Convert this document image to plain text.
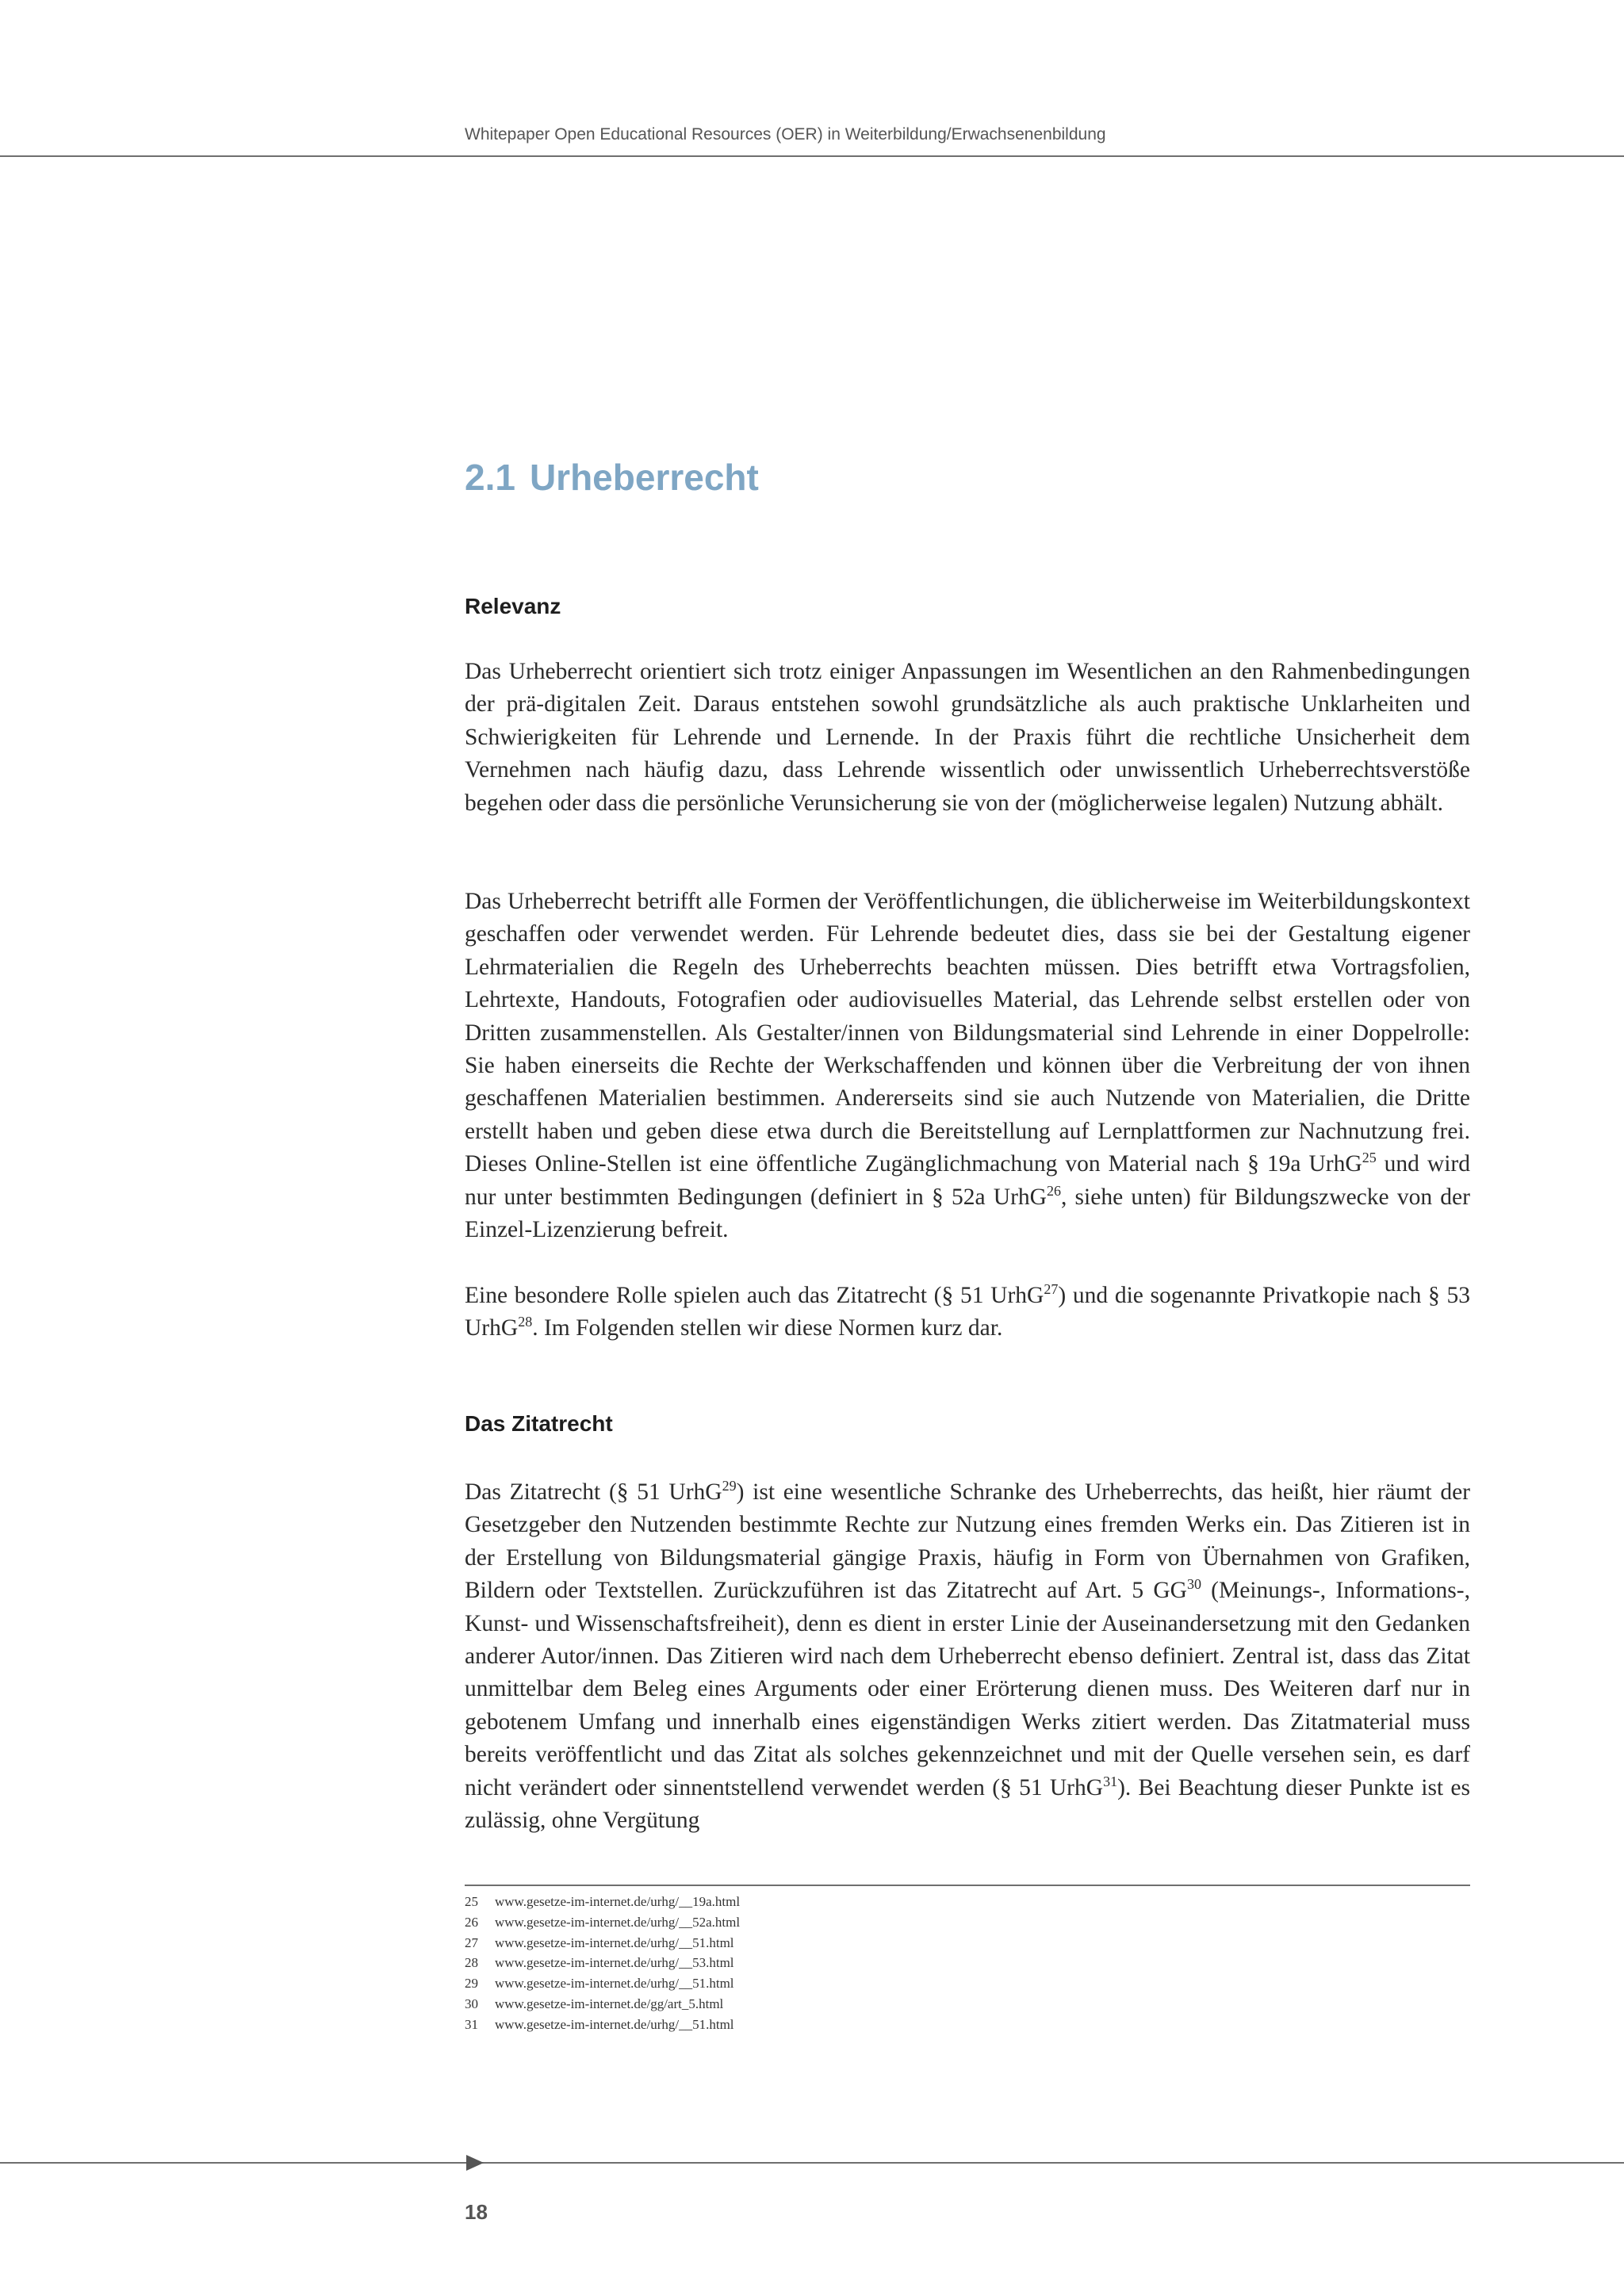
Whitepaper Open Educational Resources (OER) in Weiterbildung/Erwachsenenbildung
2.1 Urheberrecht
Relevanz

Das Urheberrecht orientiert sich trotz einiger Anpassungen im Wesentlichen an den Rahmenbedingungen der prä-digitalen Zeit. Daraus entstehen sowohl grundsätzliche als auch praktische Unklarheiten und Schwierigkeiten für Lehrende und Lernende. In der Praxis führt die rechtliche Unsicherheit dem Vernehmen nach häufig dazu, dass Lehrende wissentlich oder unwissentlich Urheberrechtsverstöße begehen oder dass die persönliche Verunsicherung sie von der (möglicherweise legalen) Nutzung abhält.

Das Urheberrecht betrifft alle Formen der Veröffentlichungen, die üblicherweise im Weiterbildungskontext geschaffen oder verwendet werden. Für Lehrende bedeutet dies, dass sie bei der Gestaltung eigener Lehrmaterialien die Regeln des Urheberrechts beachten müssen. Dies betrifft etwa Vortragsfolien, Lehrtexte, Handouts, Fotografien oder audiovisuelles Material, das Lehrende selbst erstellen oder von Dritten zusammenstellen. Als Gestalter/innen von Bildungsmaterial sind Lehrende in einer Doppelrolle: Sie haben einerseits die Rechte der Werkschaffenden und können über die Verbreitung der von ihnen geschaffenen Materialien bestimmen. Andererseits sind sie auch Nutzende von Materialien, die Dritte erstellt haben und geben diese etwa durch die Bereitstellung auf Lernplattformen zur Nachnutzung frei. Dieses Online-Stellen ist eine öffentliche Zugänglichmachung von Material nach § 19a UrhG$^{25}$ und wird nur unter bestimmten Bedingungen (definiert in § 52a UrhG$^{26}$, siehe unten) für Bildungszwecke von der Einzel-Lizenzierung befreit.

Eine besondere Rolle spielen auch das Zitatrecht (§ 51 UrhG$^{27}$) und die sogenannte Privatkopie nach § 53 UrhG$^{28}$. Im Folgenden stellen wir diese Normen kurz dar.

Das Zitatrecht

Das Zitatrecht (§ 51 UrhG$^{29}$) ist eine wesentliche Schranke des Urheberrechts, das heißt, hier räumt der Gesetzgeber den Nutzenden bestimmte Rechte zur Nutzung eines fremden Werks ein. Das Zitieren ist in der Erstellung von Bildungsmaterial gängige Praxis, häufig in Form von Übernahmen von Grafiken, Bildern oder Textstellen. Zurückzuführen ist das Zitatrecht auf Art. 5 GG$^{30}$ (Meinungs-, Informations-, Kunst- und Wissenschaftsfreiheit), denn es dient in erster Linie der Auseinandersetzung mit den Gedanken anderer Autor/innen. Das Zitieren wird nach dem Urheberrecht ebenso definiert. Zentral ist, dass das Zitat unmittelbar dem Beleg eines Arguments oder einer Erörterung dienen muss. Des Weiteren darf nur in gebotenem Umfang und innerhalb eines eigenständigen Werks zitiert werden. Das Zitatmaterial muss bereits veröffentlicht und das Zitat als solches gekennzeichnet und mit der Quelle versehen sein, es darf nicht verändert oder sinnentstellend verwendet werden (§ 51 UrhG$^{31}$). Bei Beachtung dieser Punkte ist es zulässig, ohne Vergütung

25 www.gesetze-im-internet.de/urhg/__19a.html
26 www.gesetze-im-internet.de/urhg/__52a.html
27 www.gesetze-im-internet.de/urhg/__51.html
28 www.gesetze-im-internet.de/urhg/__53.html
29 www.gesetze-im-internet.de/urhg/__51.html
30 www.gesetze-im-internet.de/gg/art_5.html
31 www.gesetze-im-internet.de/urhg/__51.html
18
